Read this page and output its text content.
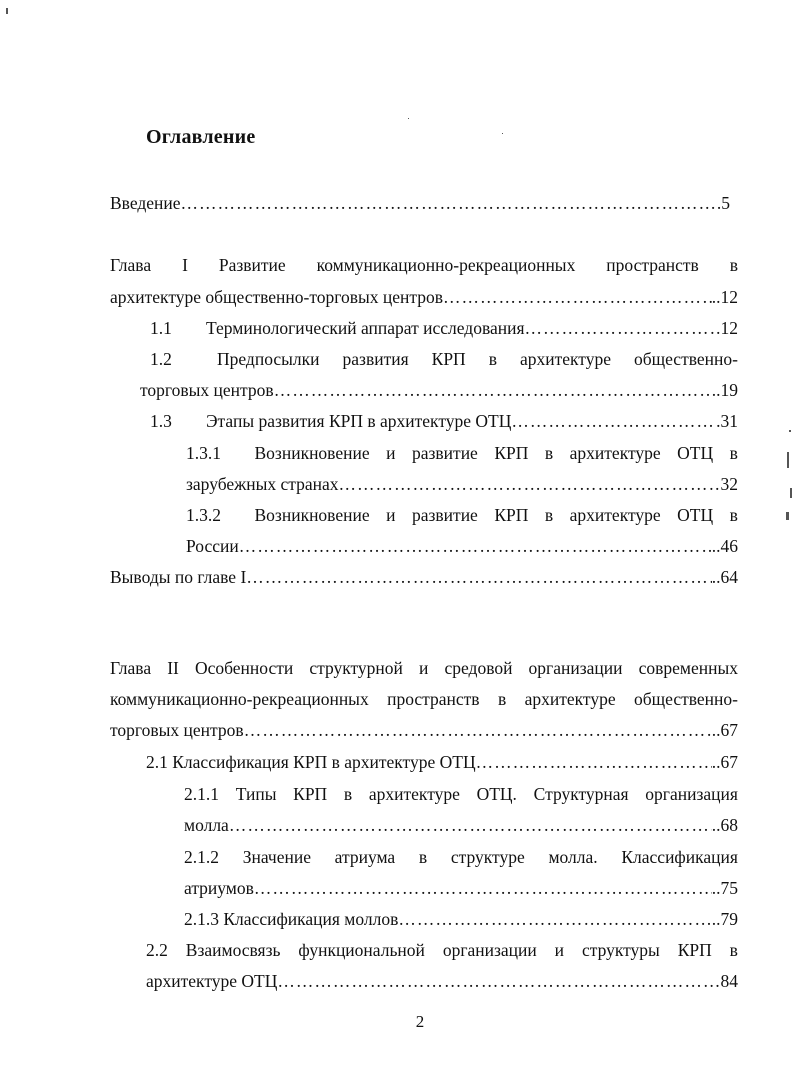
Оглавление
Введение …………………………………………………………………………………………………………………………………………………………	.5
Глава I Развитие коммуникационно-рекреационных пространств в
архитектуре общественно-торговых центров …………………………………………………………………………………………………………………………………………………………	..12
1.1	Терминологический аппарат исследования …………………………………………………………………………………………………………………………………………………………	12
1.2	Предпосылки развития КРП в архитектуре общественно-
торговых центров …………………………………………………………………………………………………………………………………………………………	..19
1.3	Этапы развития КРП в архитектуре ОТЦ …………………………………………………………………………………………………………………………………………………………	.31
1.3.1	Возникновение и развитие КРП в архитектуре ОТЦ в
зарубежных странах …………………………………………………………………………………………………………………………………………………………	32
1.3.2	Возникновение и развитие КРП в архитектуре ОТЦ в
России …………………………………………………………………………………………………………………………………………………………	..46
Выводы по главе I …………………………………………………………………………………………………………………………………………………………	..64
Глава II Особенности структурной и средовой организации современных
коммуникационно-рекреационных пространств в архитектуре общественно-
торговых центров …………………………………………………………………………………………………………………………………………………………	..67
2.1 Классификация КРП в архитектуре ОТЦ …………………………………………………………………………………………………………………………………………………………	..67
2.1.1 Типы КРП в архитектуре ОТЦ. Структурная организация
молла …………………………………………………………………………………………………………………………………………………………	..68
2.1.2 Значение атриума в структуре молла. Классификация
атриумов …………………………………………………………………………………………………………………………………………………………	..75
2.1.3 Классификация моллов …………………………………………………………………………………………………………………………………………………………	..79
2.2 Взаимосвязь функциональной организации и структуры КРП в
архитектуре ОТЦ …………………………………………………………………………………………………………………………………………………………	84
2
